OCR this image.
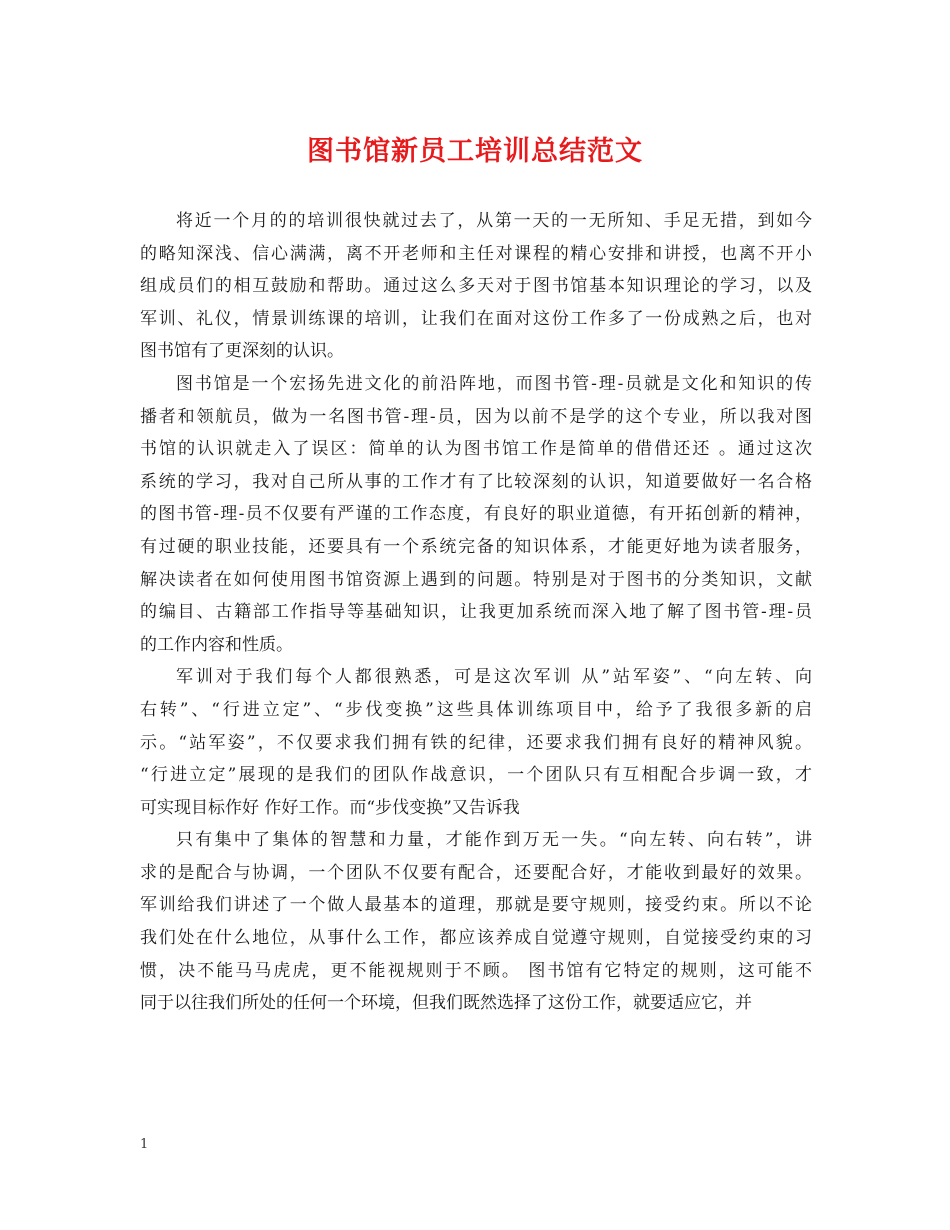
图书馆新员工培训总结范文

将近一个月的的培训很快就过去了，从第一天的一无所知、手足无措，到如今
的略知深浅、信心满满，离不开老师和主任对课程的精心安排和讲授，也离不开小
组成员们的相互鼓励和帮助。通过这么多天对于图书馆基本知识理论的学习，以及
军训、礼仪，情景训练课的培训，让我们在面对这份工作多了一份成熟之后，也对
图书馆有了更深刻的认识。

图书馆是一个宏扬先进文化的前沿阵地，而图书管-理-员就是文化和知识的传
播者和领航员，做为一名图书管-理-员，因为以前不是学的这个专业，所以我对图
书馆的认识就走入了误区：简单的认为图书馆工作是简单的借借还还 。通过这次
系统的学习，我对自己所从事的工作才有了比较深刻的认识，知道要做好一名合格
的图书管-理-员不仅要有严谨的工作态度，有良好的职业道德，有开拓创新的精神，
有过硬的职业技能，还要具有一个系统完备的知识体系，才能更好地为读者服务，
解决读者在如何使用图书馆资源上遇到的问题。特别是对于图书的分类知识，文献
的编目、古籍部工作指导等基础知识，让我更加系统而深入地了解了图书管-理-员
的工作内容和性质。

军训对于我们每个人都很熟悉，可是这次军训 从”站军姿”、“向左转、向
右转”、“行进立定”、“步伐变换”这些具体训练项目中，给予了我很多新的启
示。“站军姿”，不仅要求我们拥有铁的纪律，还要求我们拥有良好的精神风貌。
“行进立定”展现的是我们的团队作战意识，一个团队只有互相配合步调一致，才
可实现目标作好 作好工作。而“步伐变换”又告诉我

只有集中了集体的智慧和力量，才能作到万无一失。“向左转、向右转”，讲
求的是配合与协调，一个团队不仅要有配合，还要配合好，才能收到最好的效果。
军训给我们讲述了一个做人最基本的道理，那就是要守规则，接受约束。所以不论
我们处在什么地位，从事什么工作，都应该养成自觉遵守规则，自觉接受约束的习
惯，决不能马马虎虎，更不能视规则于不顾。 图书馆有它特定的规则，这可能不
同于以往我们所处的任何一个环境，但我们既然选择了这份工作，就要适应它，并

1
